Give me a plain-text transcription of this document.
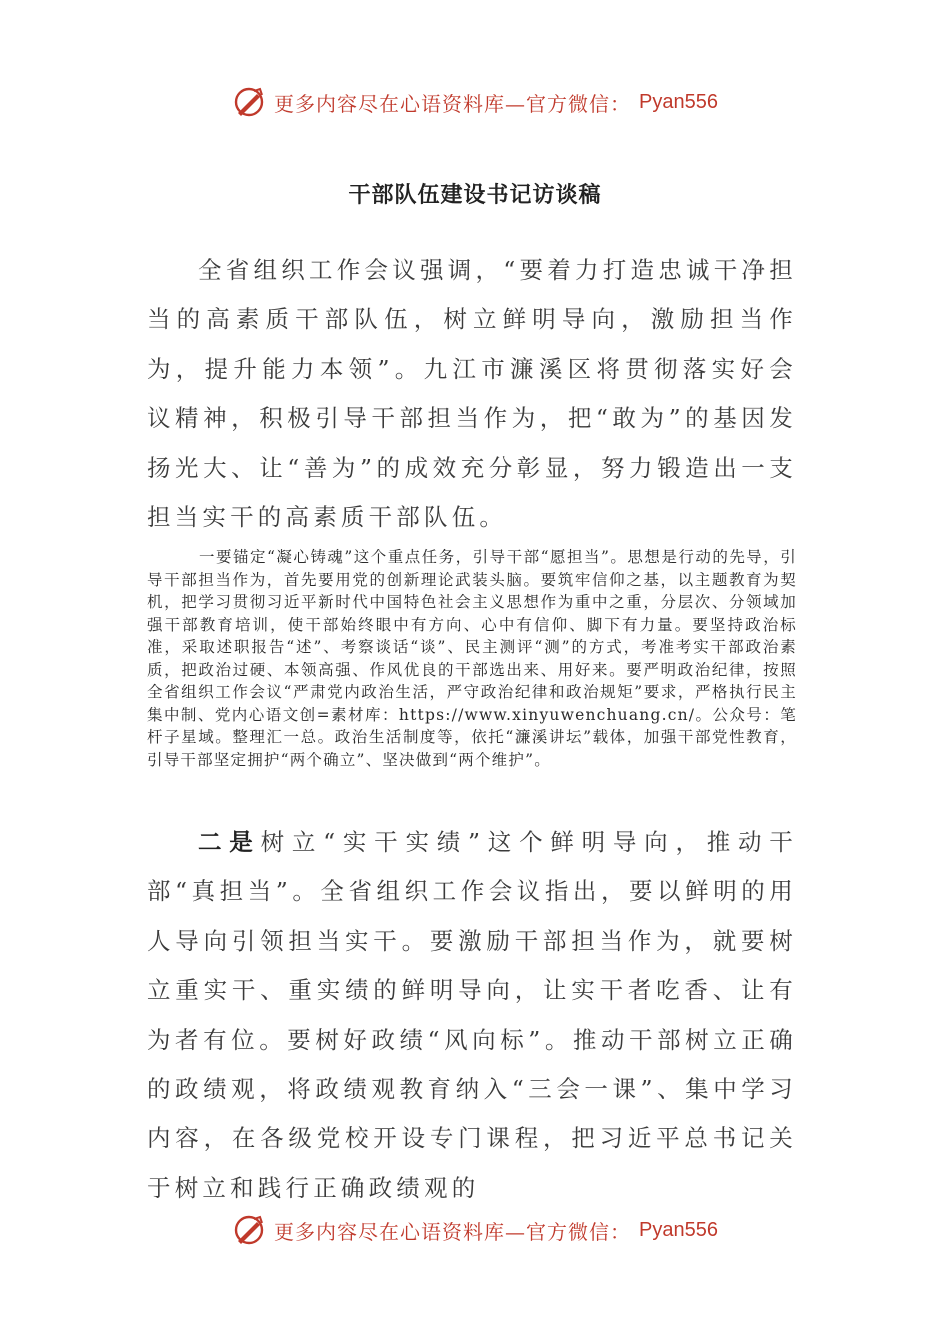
更多内容尽在心语资料库—官方微信： Pyan556
干部队伍建设书记访谈稿

全省组织工作会议强调，“要着力打造忠诚干净担当的高素质干部队伍，树立鲜明导向，激励担当作为，提升能力本领”。九江市濂溪区将贯彻落实好会议精神，积极引导干部担当作为，把“敢为”的基因发扬光大、让“善为”的成效充分彰显，努力锻造出一支担当实干的高素质干部队伍。

一要锚定“凝心铸魂”这个重点任务，引导干部“愿担当”。思想是行动的先导，引导干部担当作为，首先要用党的创新理论武装头脑。要筑牢信仰之基，以主题教育为契机，把学习贯彻习近平新时代中国特色社会主义思想作为重中之重，分层次、分领域加强干部教育培训，使干部始终眼中有方向、心中有信仰、脚下有力量。要坚持政治标准，采取述职报告“述”、考察谈话“谈”、民主测评“测”的方式，考准考实干部政治素质，把政治过硬、本领高强、作风优良的干部选出来、用好来。要严明政治纪律，按照全省组织工作会议“严肃党内政治生活，严守政治纪律和政治规矩”要求，严格执行民主集中制、党内心语文创=素材库：https://www.xinyuwenchuang.cn/。公众号：笔杆子星域。整理汇一总。政治生活制度等，依托“濂溪讲坛”载体，加强干部党性教育，引导干部坚定拥护“两个确立”、坚决做到“两个维护”。

二是树立“实干实绩”这个鲜明导向，推动干部“真担当”。全省组织工作会议指出，要以鲜明的用人导向引领担当实干。要激励干部担当作为，就要树立重实干、重实绩的鲜明导向，让实干者吃香、让有为者有位。要树好政绩“风向标”。推动干部树立正确的政绩观，将政绩观教育纳入“三会一课”、集中学习内容，在各级党校开设专门课程，把习近平总书记关于树立和践行正确政绩观的

更多内容尽在心语资料库—官方微信： Pyan556
